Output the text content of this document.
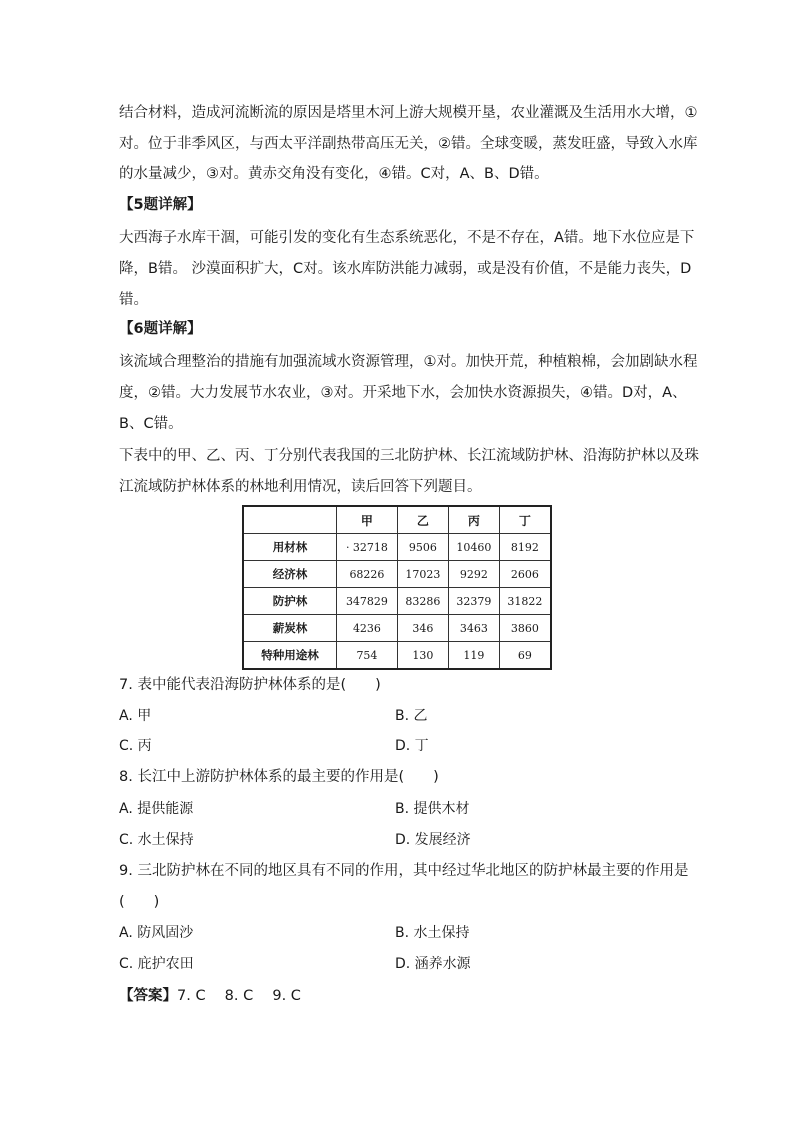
结合材料，造成河流断流的原因是塔里木河上游大规模开垦，农业灌溉及生活用水大增，①
对。位于非季风区，与西太平洋副热带高压无关，②错。全球变暖，蒸发旺盛，导致入水库
的水量减少，③对。黄赤交角没有变化，④错。C对，A、B、D错。
【5题详解】
大西海子水库干涸，可能引发的变化有生态系统恶化，不是不存在，A错。地下水位应是下
降，B错。 沙漠面积扩大，C对。该水库防洪能力减弱，或是没有价值，不是能力丧失，D
错。
【6题详解】
该流域合理整治的措施有加强流域水资源管理，①对。加快开荒，种植粮棉，会加剧缺水程
度，②错。大力发展节水农业，③对。开采地下水，会加快水资源损失，④错。D对，A、
B、C错。
下表中的甲、乙、丙、丁分别代表我国的三北防护林、长江流域防护林、沿海防护林以及珠
江流域防护林体系的林地利用情况，读后回答下列题目。
	甲	乙	丙	丁
用材林	· 32718	9506	10460	8192
经济林	68226	17023	9292	2606
防护林	347829	83286	32379	31822
薪炭林	4236	346	3463	3860
特种用途林	754	130	119	69
7. 表中能代表沿海防护林体系的是(　　)
A. 甲	B. 乙
C. 丙	D. 丁
8. 长江中上游防护林体系的最主要的作用是(　　)
A. 提供能源	B. 提供木材
C. 水土保持	D. 发展经济
9. 三北防护林在不同的地区具有不同的作用，其中经过华北地区的防护林最主要的作用是
(　　)
A. 防风固沙	B. 水土保持
C. 庇护农田	D. 涵养水源
【答案】7. C　 8. C　 9. C
